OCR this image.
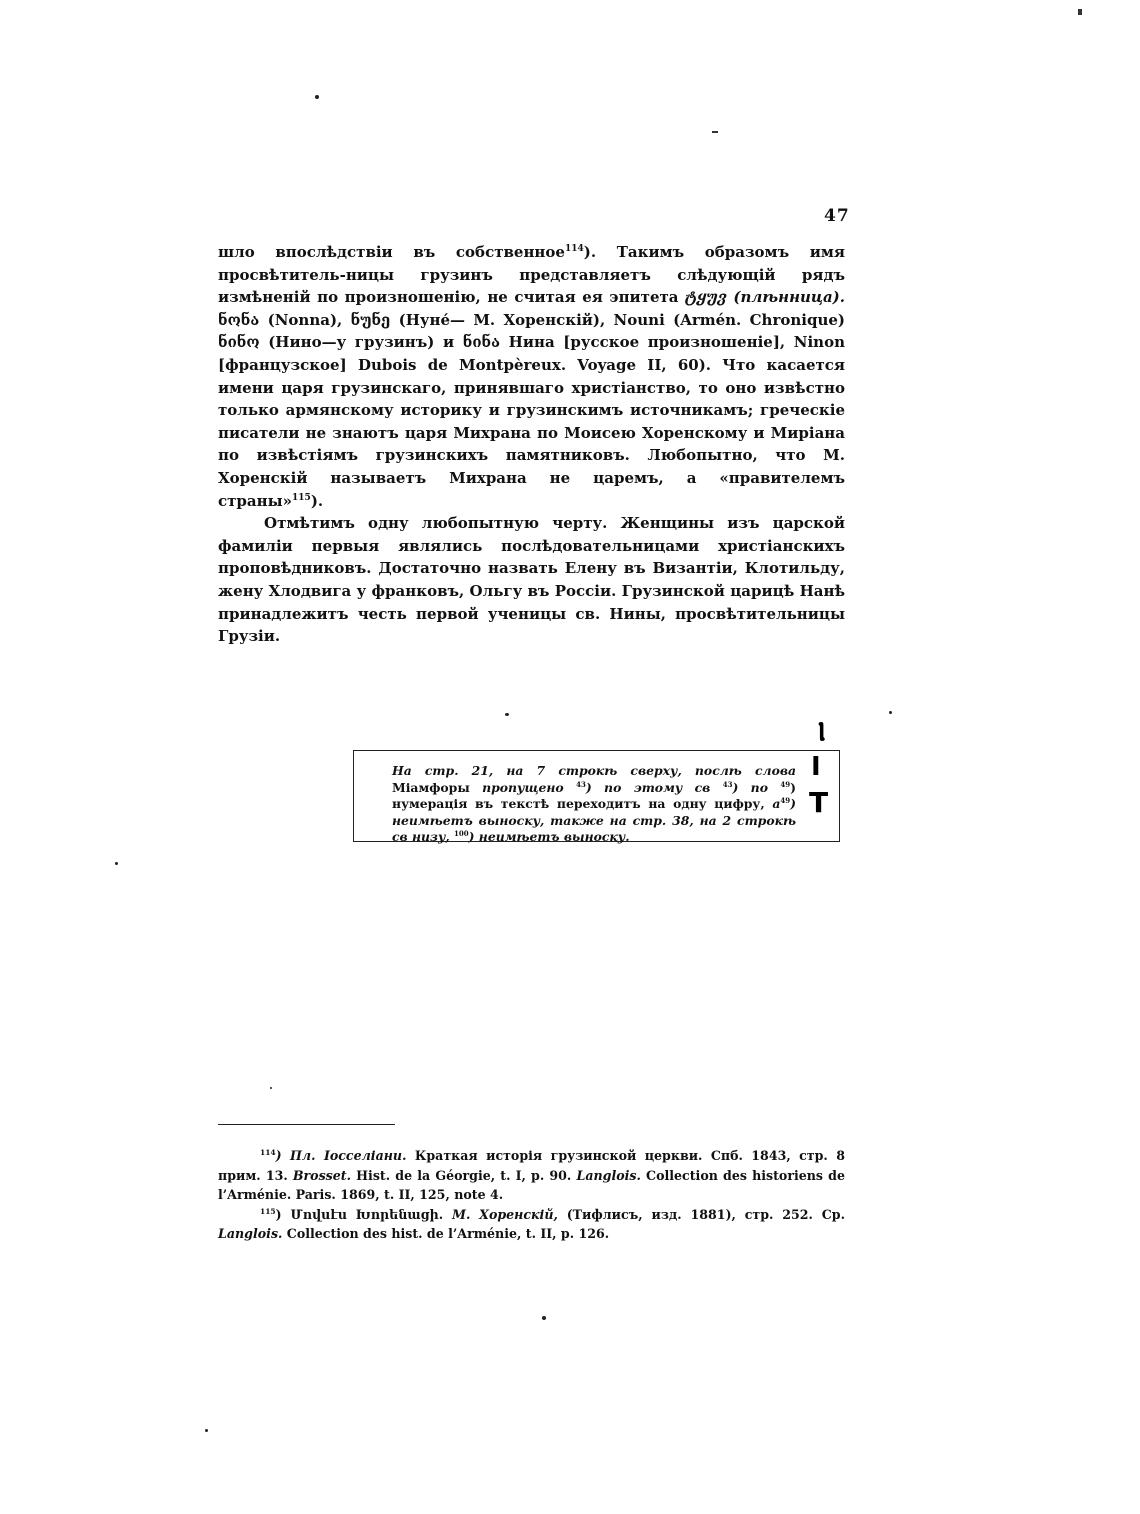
47

шло впослѣдствіи въ собственное$^{114}$). Такимъ образомъ имя просвѣтитель-ницы грузинъ представляетъ слѣдующій рядъ измѣненій по произношенію, не считая ея эпитета ტყუვ (плѣнница). ნონა (Nonna), ნუნე (Нуне́— М. Хоренскій), Nouni (Armén. Chronique) ნინო (Нино—у грузинъ) и ნინა Нина [русское произношеніе], Ninon [французское] Dubois de Montpèreux. Voyage II, 60). Что касается имени царя грузинскаго, принявшаго христіанство, то оно извѣстно только армянскому историку и грузинскимъ источникамъ; греческіе писатели не знаютъ царя Михрана по Моисею Хоренскому и Миріана по извѣстіямъ грузинскихъ памятниковъ. Любопытно, что М. Хоренскій называетъ Михрана не царемъ, а «правителемъ страны»$^{115}$).

Отмѣтимъ одну любопытную черту. Женщины изъ царской фамиліи первыя являлись послѣдовательницами христіанскихъ проповѣдниковъ. Достаточно назвать Елену въ Византіи, Клотильду, жену Хлодвига у франковъ, Ольгу въ Россіи. Грузинской царицѣ Нанѣ принадлежитъ честь первой ученицы св. Нины, просвѣтительницы Грузіи.

На стр. 21, на 7 строкѣ сверху, послѣ слова Міамфоры пропущено $^{43}$) по этому св $^{43}$) по $^{49}$) нумерація въ текстѣ переходитъ на одну цифру, $а^{49}$) неимѣетъ выноску, также на стр. 38, на 2 строкѣ св низу, $^{100}$) неимѣетъ выноску.

Ⲓ
I
T

$^{114}$) Пл. Іосселіани. Краткая исторія грузинской церкви. Спб. 1843, стр. 8 прим. 13. Brosset. Hist. de la Géorgie, t. I, p. 90. Langlois. Collection des historiens de l’Arménie. Paris. 1869, t. II, 125, note 4.

$^{115}$) Մովսէս Խորենացի. М. Хоренскій, (Тифлисъ, изд. 1881), стр. 252. Ср. Langlois. Collection des hist. de l’Arménie, t. II, p. 126.
